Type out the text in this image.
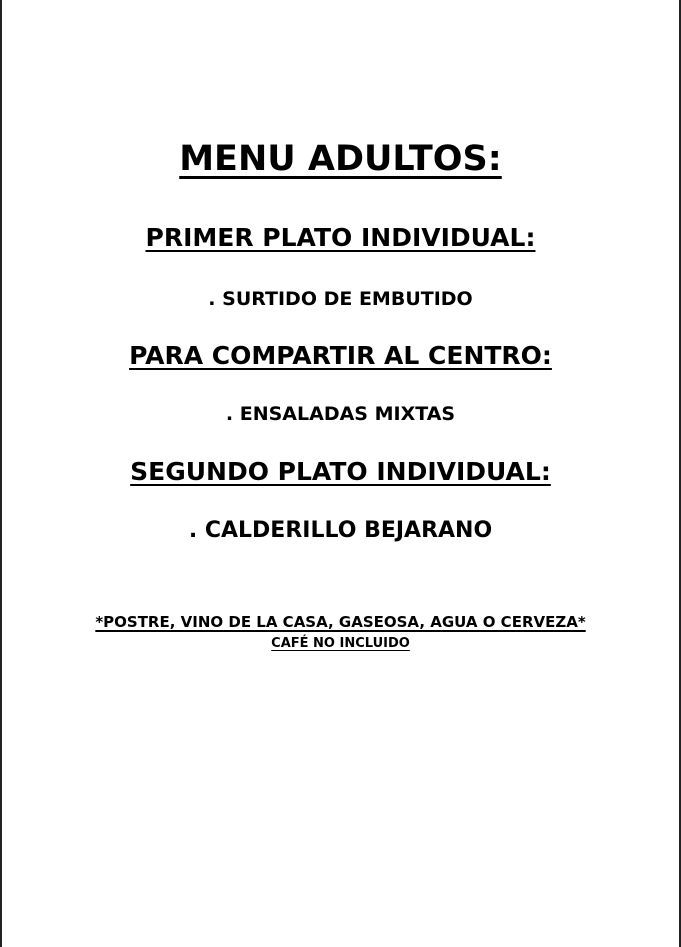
MENU ADULTOS:
PRIMER PLATO INDIVIDUAL:
. SURTIDO DE EMBUTIDO
PARA COMPARTIR AL CENTRO:
. ENSALADAS MIXTAS
SEGUNDO PLATO INDIVIDUAL:
. CALDERILLO BEJARANO
*POSTRE, VINO DE LA CASA, GASEOSA, AGUA O CERVEZA*
CAFÉ NO INCLUIDO
